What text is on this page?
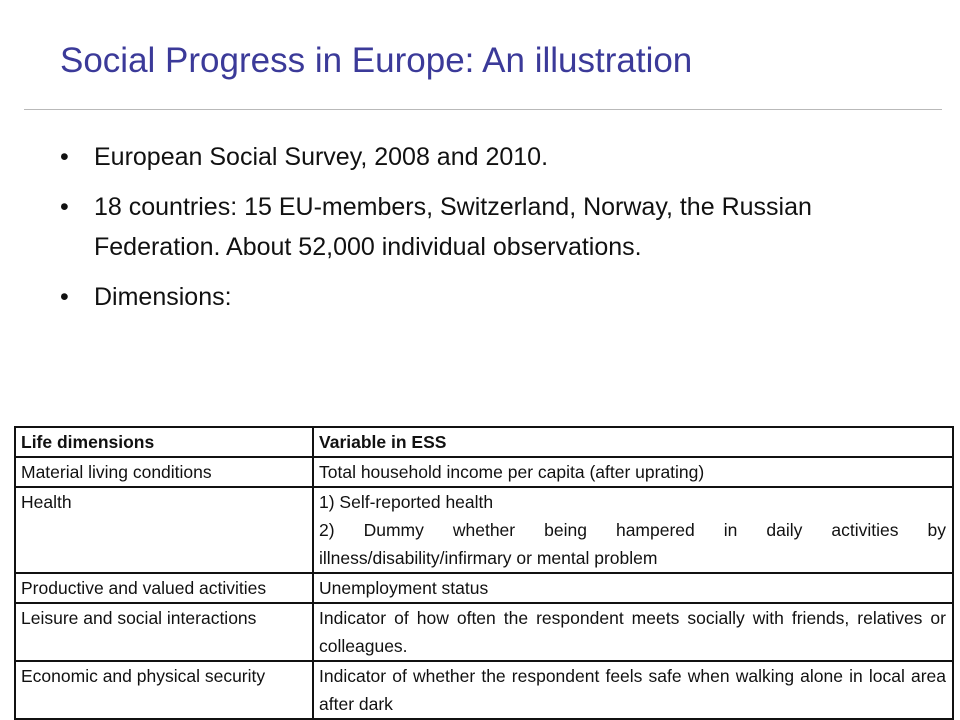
Social Progress in Europe: An illustration
•	European Social Survey, 2008 and 2010.
•	18 countries: 15 EU-members, Switzerland, Norway, the Russian Federation. About 52,000 individual observations.
•	Dimensions:
Life dimensions	Variable in ESS
Material living conditions	Total household income per capita (after uprating)

Health	1) Self-reported health
2) Dummy whether being hampered in daily activities by illness/disability/infirmary or mental problem

Productive and valued activities	Unemployment status

Leisure and social interactions	Indicator of how often the respondent meets socially with friends, relatives or colleagues.

Economic and physical security	Indicator of whether the respondent feels safe when walking alone in local area after dark
